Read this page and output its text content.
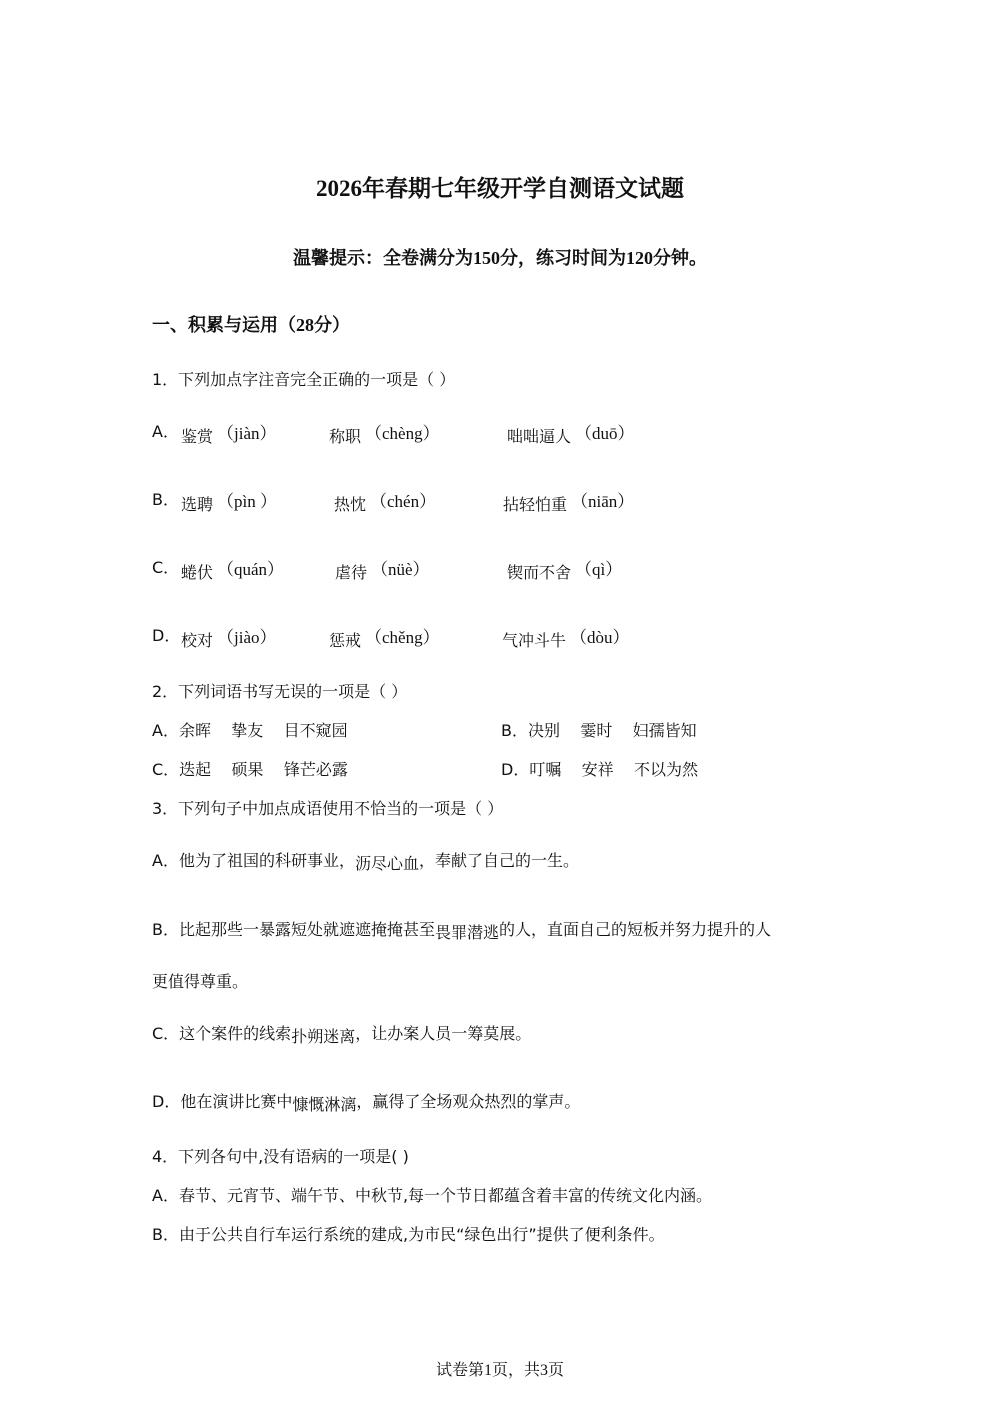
2026年春期七年级开学自测语文试题
温馨提示：全卷满分为150分，练习时间为120分钟。
一、积累与运用（28分）
1．下列加点字注音完全正确的一项是（ ）
A． 鉴赏 （jiàn）	称职 （chèng）	咄咄逼人 （duō）
B． 选聘 （pìn ）	热忱 （chén）	拈轻怕重 （niān）
C． 蜷伏 （quán）	虐待 （nüè）	锲而不舍 （qì）
D． 校对 （jiào）	惩戒 （chěng）	气冲斗牛 （dòu）
2．下列词语书写无误的一项是（ ）
A．余晖    挚友    目不窥园	B．决别    霎时    妇孺皆知
C．迭起    硕果    锋芒必露	D．叮嘱    安祥    不以为然
3．下列句子中加点成语使用不恰当的一项是（ ）
A．他为了祖国的科研事业，沥尽心血，奉献了自己的一生。
B．比起那些一暴露短处就遮遮掩掩甚至畏罪潜逃的人，直面自己的短板并努力提升的人
更值得尊重。
C．这个案件的线索扑朔迷离，让办案人员一筹莫展。
D．他在演讲比赛中慷慨淋漓，赢得了全场观众热烈的掌声。
4．下列各句中,没有语病的一项是( )
A．春节、元宵节、端午节、中秋节,每一个节日都蕴含着丰富的传统文化内涵。
B．由于公共自行车运行系统的建成,为市民“绿色出行”提供了便利条件。
试卷第1页，共3页
